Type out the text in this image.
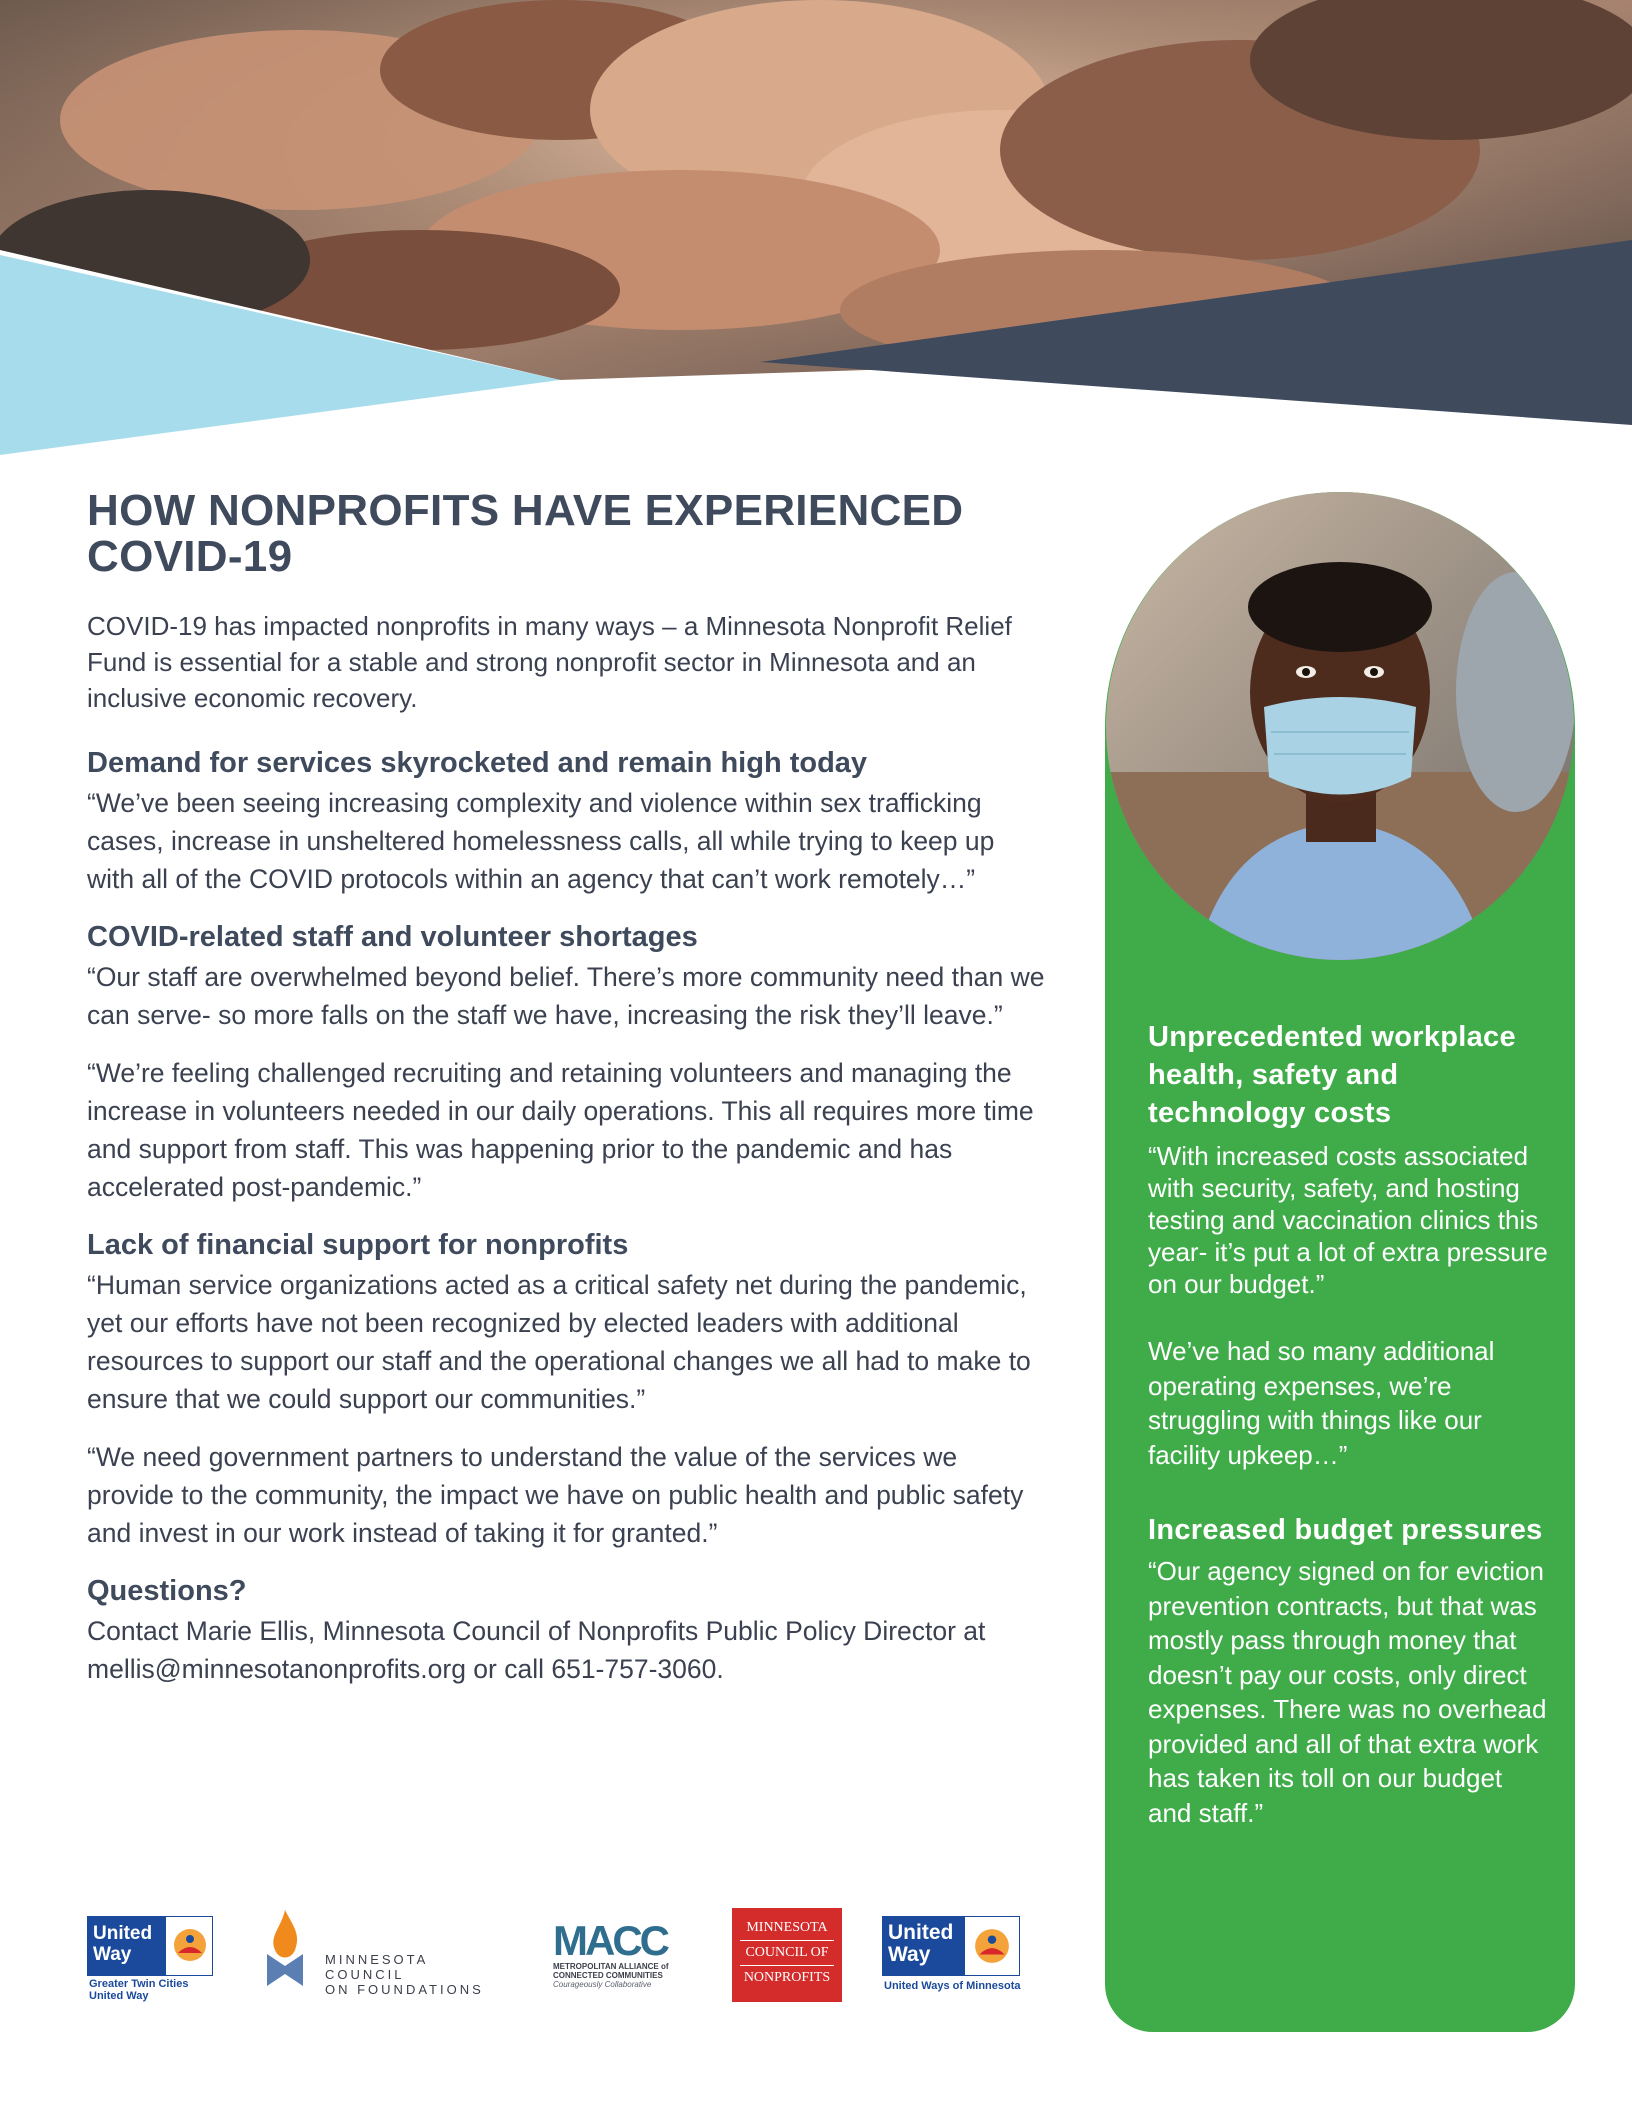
HOW NONPROFITS HAVE EXPERIENCED COVID-19

COVID-19 has impacted nonprofits in many ways – a Minnesota Nonprofit Relief Fund is essential for a stable and strong nonprofit sector in Minnesota and an inclusive economic recovery.

Demand for services skyrocketed and remain high today

“We’ve been seeing increasing complexity and violence within sex trafficking cases, increase in unsheltered homelessness calls, all while trying to keep up with all of the COVID protocols within an agency that can’t work remotely…”

COVID-related staff and volunteer shortages

“Our staff are overwhelmed beyond belief. There’s more community need than we can serve- so more falls on the staff we have, increasing the risk they’ll leave.”

“We’re feeling challenged recruiting and retaining volunteers and managing the increase in volunteers needed in our daily operations. This all requires more time and support from staff. This was happening prior to the pandemic and has accelerated post-pandemic.”

Lack of financial support for nonprofits

“Human service organizations acted as a critical safety net during the pandemic, yet our efforts have not been recognized by elected leaders with additional resources to support our staff and the operational changes we all had to make to ensure that we could support our communities.”

“We need government partners to understand the value of the services we provide to the community, the impact we have on public health and public safety and invest in our work instead of taking it for granted.”

Questions?

Contact Marie Ellis, Minnesota Council of Nonprofits Public Policy Director at mellis@minnesotanonprofits.org or call 651-757-3060.

United
Way
Greater Twin Cities
United Way
MINNESOTA COUNCIL
ON FOUNDATIONS
MACC
METROPOLITAN ALLIANCE of
CONNECTED COMMUNITIES
Courageously Collaborative
MINNESOTA
COUNCIL OF
NONPROFITS
United
Way
United Ways of Minnesota
Unprecedented workplace health, safety and technology costs

“With increased costs associated with security, safety, and hosting testing and vaccination clinics this year- it’s put a lot of extra pressure on our budget.”

We’ve had so many additional operating expenses, we’re struggling with things like our facility upkeep…”

Increased budget pressures

“Our agency signed on for eviction prevention contracts, but that was mostly pass through money that doesn’t pay our costs, only direct expenses. There was no overhead provided and all of that extra work has taken its toll on our budget and staff.”
